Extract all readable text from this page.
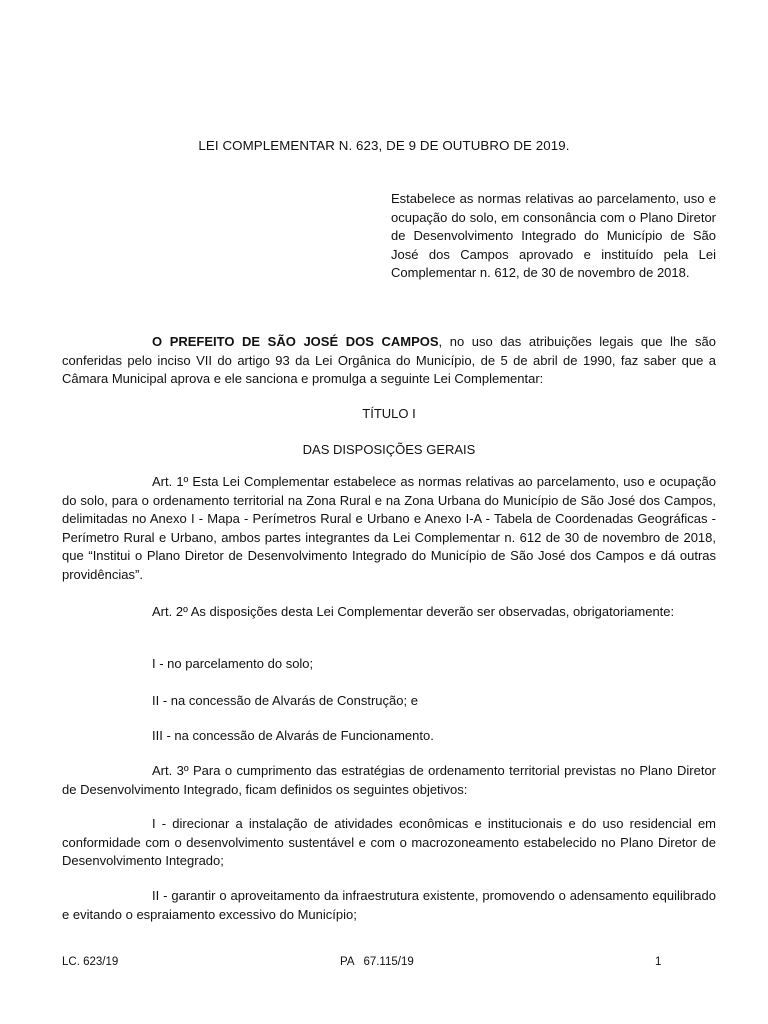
LEI COMPLEMENTAR N. 623, DE 9 DE OUTUBRO DE 2019.
Estabelece as normas relativas ao parcelamento, uso e ocupação do solo, em consonância com o Plano Diretor de Desenvolvimento Integrado do Município de São José dos Campos aprovado e instituído pela Lei Complementar n. 612, de 30 de novembro de 2018.

O PREFEITO DE SÃO JOSÉ DOS CAMPOS, no uso das atribuições legais que lhe são conferidas pelo inciso VII do artigo 93 da Lei Orgânica do Município, de 5 de abril de 1990, faz saber que a Câmara Municipal aprova e ele sanciona e promulga a seguinte Lei Complementar:

TÍTULO I
DAS DISPOSIÇÕES GERAIS

Art. 1º Esta Lei Complementar estabelece as normas relativas ao parcelamento, uso e ocupação do solo, para o ordenamento territorial na Zona Rural e na Zona Urbana do Município de São José dos Campos, delimitadas no Anexo I - Mapa - Perímetros Rural e Urbano e Anexo I-A - Tabela de Coordenadas Geográficas - Perímetro Rural e Urbano, ambos partes integrantes da Lei Complementar n. 612 de 30 de novembro de 2018, que “Institui o Plano Diretor de Desenvolvimento Integrado do Município de São José dos Campos e dá outras providências”.

Art. 2º As disposições desta Lei Complementar deverão ser observadas, obrigatoriamente:

I - no parcelamento do solo;

II - na concessão de Alvarás de Construção; e

III - na concessão de Alvarás de Funcionamento.

Art. 3º Para o cumprimento das estratégias de ordenamento territorial previstas no Plano Diretor de Desenvolvimento Integrado, ficam definidos os seguintes objetivos:

I - direcionar a instalação de atividades econômicas e institucionais e do uso residencial em conformidade com o desenvolvimento sustentável e com o macrozoneamento estabelecido no Plano Diretor de Desenvolvimento Integrado;

II - garantir o aproveitamento da infraestrutura existente, promovendo o adensamento equilibrado e evitando o espraiamento excessivo do Município;

LC. 623/19	PA   67.115/19	1
